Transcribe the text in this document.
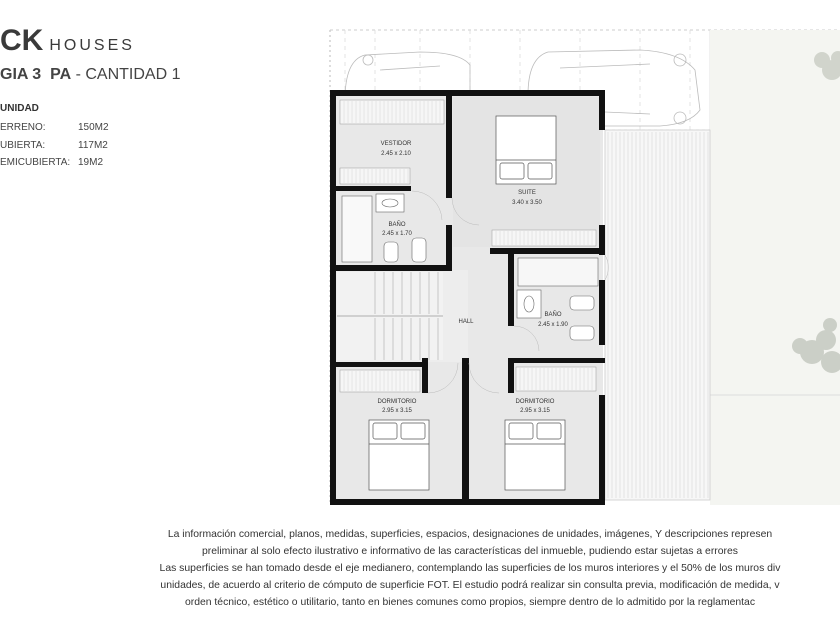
CK HOUSES
GIA 3 PA - CANTIDAD 1
UNIDAD
ERRENO:	150M2
UBIERTA:	117M2
EMICUBIERTA: 19M2
VESTIDOR
2.45 x 2.10
SUITE
3.40 x 3.50
BAÑO
2.45 x 1.70
BAÑO
2.45 x 1.90
HALL
DORMITORIO
2.95 x 3.15
DORMITORIO
2.95 x 3.15
La información comercial, planos, medidas, superficies, espacios, designaciones de unidades, imágenes, Y descripciones represen
preliminar al solo efecto ilustrativo e informativo de las características del inmueble, pudiendo estar sujetas a errores
Las superficies se han tomado desde el eje medianero, contemplando las superficies de los muros interiores y el 50% de los muros div
unidades, de acuerdo al criterio de cómputo de superficie FOT. El estudio podrá realizar sin consulta previa, modificación de medida, v
orden técnico, estético o utilitario, tanto en bienes comunes como propios, siempre dentro de lo admitido por la reglamentac
